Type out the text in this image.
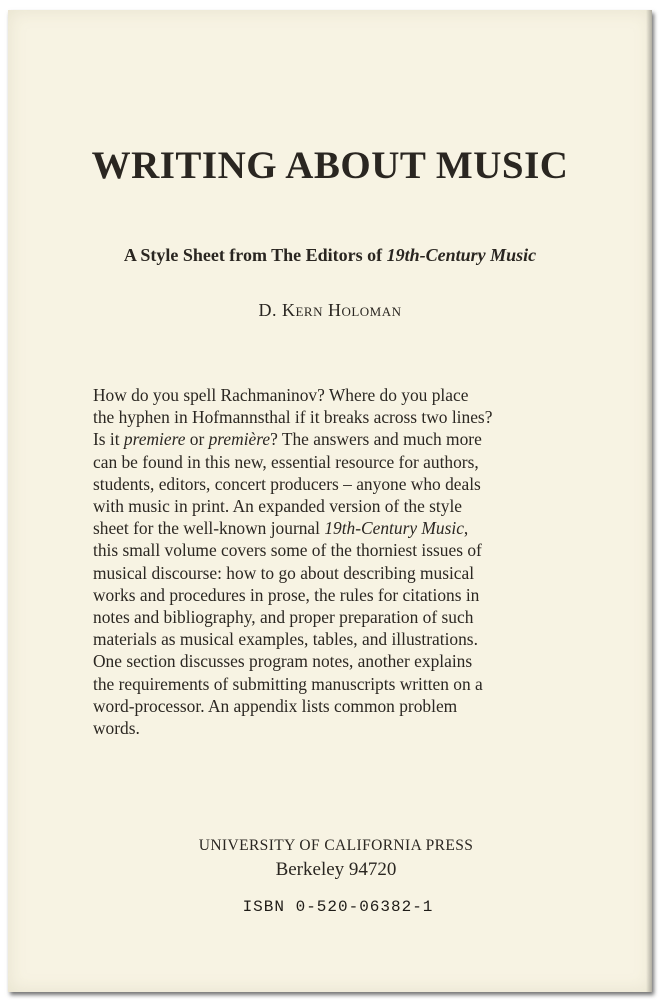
WRITING ABOUT MUSIC
A Style Sheet from The Editors of 19th-Century Music
D. Kern Holoman
How do you spell Rachmaninov? Where do you place
the hyphen in Hofmannsthal if it breaks across two lines?
Is it premiere or première? The answers and much more
can be found in this new, essential resource for authors,
students, editors, concert producers – anyone who deals
with music in print. An expanded version of the style
sheet for the well-known journal 19th-Century Music,
this small volume covers some of the thorniest issues of
musical discourse: how to go about describing musical
works and procedures in prose, the rules for citations in
notes and bibliography, and proper preparation of such
materials as musical examples, tables, and illustrations.
One section discusses program notes, another explains
the requirements of submitting manuscripts written on a
word-processor. An appendix lists common problem
words.
UNIVERSITY OF CALIFORNIA PRESS
Berkeley 94720
ISBN 0-520-06382-1
